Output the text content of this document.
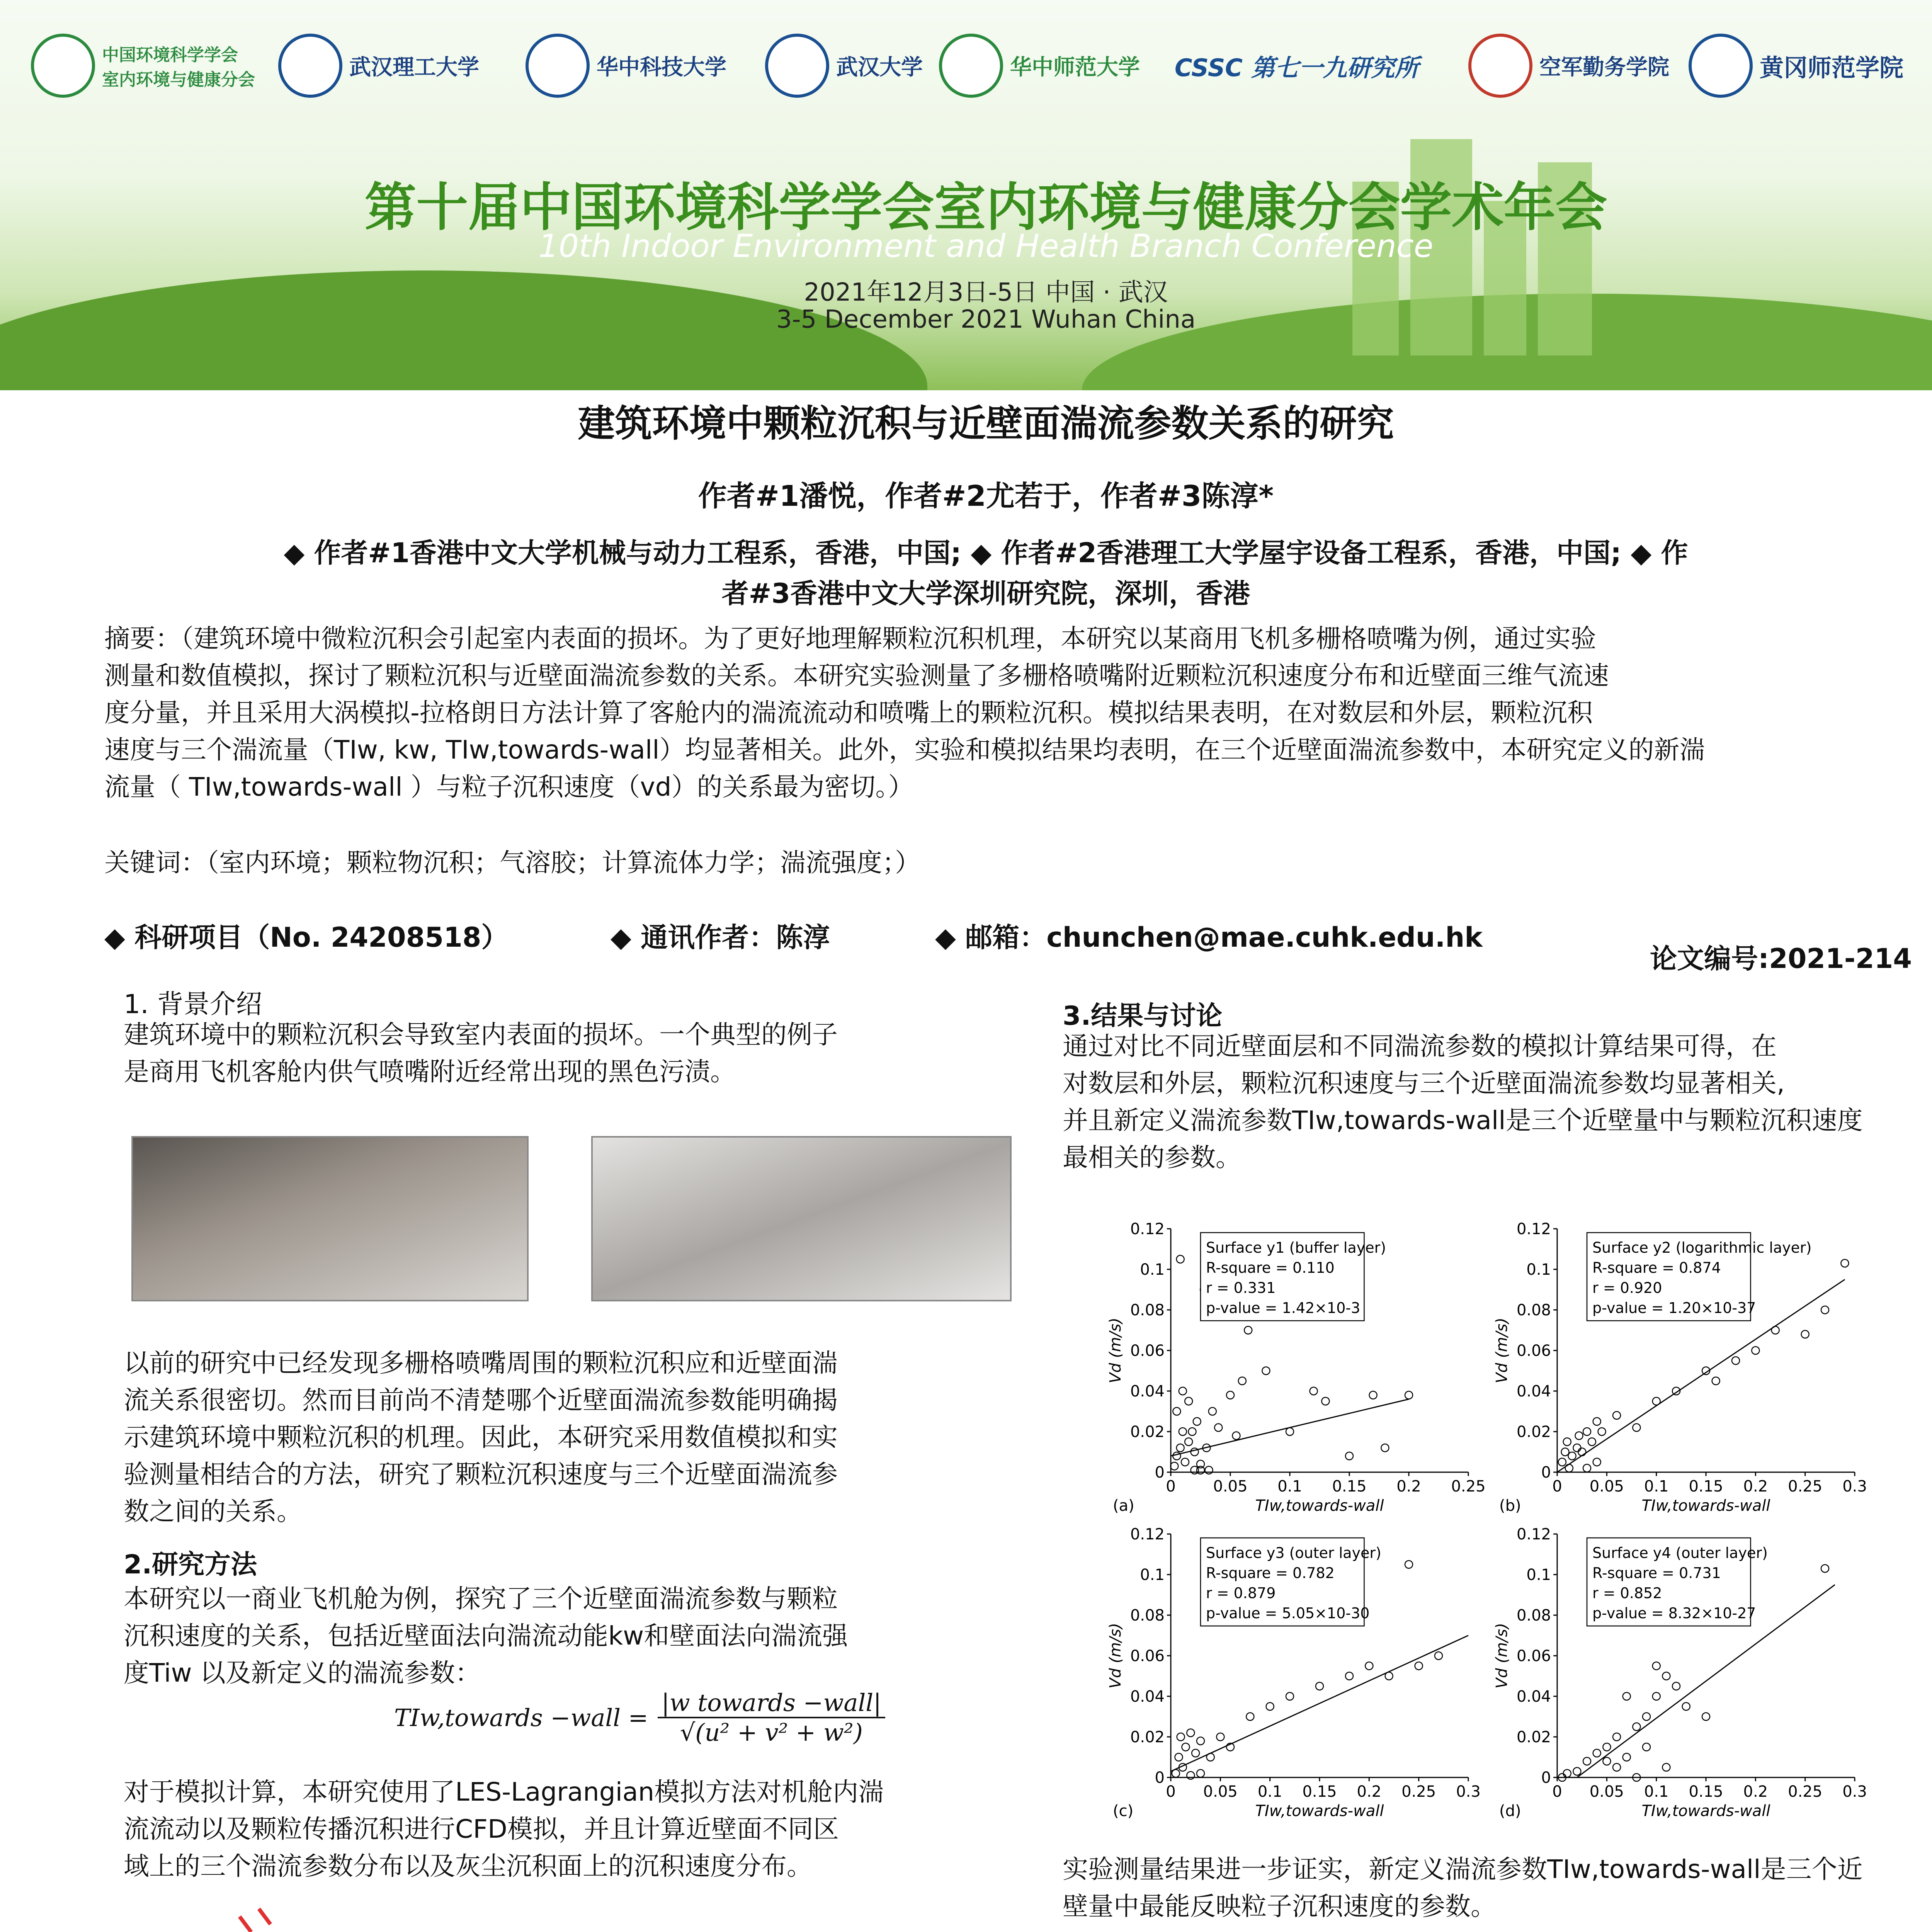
中国环境科学学会
室内环境与健康分会	武汉理工大学	华中科技大学	武汉大学	华中师范大学 CSSC 第七一九研究所	空军勤务学院	黄冈师范学院
第十届中国环境科学学会室内环境与健康分会学术年会
10th Indoor Environment and Health Branch Conference
2021年12月3日-5日 中国 · 武汉
3-5 December 2021 Wuhan China
建筑环境中颗粒沉积与近壁面湍流参数关系的研究
作者#1潘悦，作者#2尤若于，作者#3陈淳*
◆ 作者#1香港中文大学机械与动力工程系，香港，中国; ◆ 作者#2香港理工大学屋宇设备工程系，香港，中国; ◆ 作
者#3香港中文大学深圳研究院，深圳，香港
摘要：（建筑环境中微粒沉积会引起室内表面的损坏。为了更好地理解颗粒沉积机理，本研究以某商用飞机多栅格喷嘴为例，通过实验
测量和数值模拟，探讨了颗粒沉积与近壁面湍流参数的关系。本研究实验测量了多栅格喷嘴附近颗粒沉积速度分布和近壁面三维气流速
度分量，并且采用大涡模拟-拉格朗日方法计算了客舱内的湍流流动和喷嘴上的颗粒沉积。模拟结果表明，在对数层和外层，颗粒沉积
速度与三个湍流量（TIw, kw, TIw,towards-wall）均显著相关。此外，实验和模拟结果均表明，在三个近壁面湍流参数中，本研究定义的新湍
流量（ TIw,towards-wall ）与粒子沉积速度（vd）的关系最为密切。）
关键词：（室内环境；颗粒物沉积；气溶胶；计算流体力学；湍流强度；）
◆ 科研项目（No. 24208518）	◆ 通讯作者：陈淳	◆ 邮箱：chunchen@mae.cuhk.edu.hk
论文编号:2021-214
1. 背景介绍
建筑环境中的颗粒沉积会导致室内表面的损坏。一个典型的例子
是商用飞机客舱内供气喷嘴附近经常出现的黑色污渍。
以前的研究中已经发现多栅格喷嘴周围的颗粒沉积应和近壁面湍
流关系很密切。然而目前尚不清楚哪个近壁面湍流参数能明确揭
示建筑环境中颗粒沉积的机理。因此，本研究采用数值模拟和实
验测量相结合的方法，研究了颗粒沉积速度与三个近壁面湍流参
数之间的关系。
2.研究方法
本研究以一商业飞机舱为例，探究了三个近壁面湍流参数与颗粒
沉积速度的关系，包括近壁面法向湍流动能kw和壁面法向湍流强
度Tiw 以及新定义的湍流参数：
TIw,towards −wall =
|w towards −wall|
√(u² + v² + w²)
对于模拟计算，本研究使用了LES-Lagrangian模拟方法对机舱内湍
流流动以及颗粒传播沉积进行CFD模拟，并且计算近壁面不同区
域上的三个湍流参数分布以及灰尘沉积面上的沉积速度分布。
3.结果与讨论
通过对比不同近壁面层和不同湍流参数的模拟计算结果可得，在
对数层和外层，颗粒沉积速度与三个近壁面湍流参数均显著相关,
并且新定义湍流参数TIw,towards-wall是三个近壁量中与颗粒沉积速度
最相关的参数。
0 0.05 0.1 0.15 0.2 0.25
0
0.02
0.04
0.06
0.08
0.1
0.12
TIw,towards-wall
Vd (m/s)
(a)
Surface y1 (buffer layer)
R-square = 0.110
r = 0.331
p-value = 1.42×10-3
0 0.05 0.1 0.15 0.2 0.25 0.3
0
0.02
0.04
0.06
0.08
0.1
0.12
TIw,towards-wall
Vd (m/s)
(b)
Surface y2 (logarithmic layer)
R-square = 0.874
r = 0.920
p-value = 1.20×10-37
0 0.05 0.1 0.15 0.2 0.25 0.3
0
0.02
0.04
0.06
0.08
0.1
0.12
TIw,towards-wall
Vd (m/s)
(c)
Surface y3 (outer layer)
R-square = 0.782
r = 0.879
p-value = 5.05×10-30
0 0.05 0.1 0.15 0.2 0.25 0.3
0
0.02
0.04
0.06
0.08
0.1
0.12
TIw,towards-wall
Vd (m/s)
(d)
Surface y4 (outer layer)
R-square = 0.731
r = 0.852
p-value = 8.32×10-27
实验测量结果进一步证实，新定义湍流参数TIw,towards-wall是三个近
壁量中最能反映粒子沉积速度的参数。
